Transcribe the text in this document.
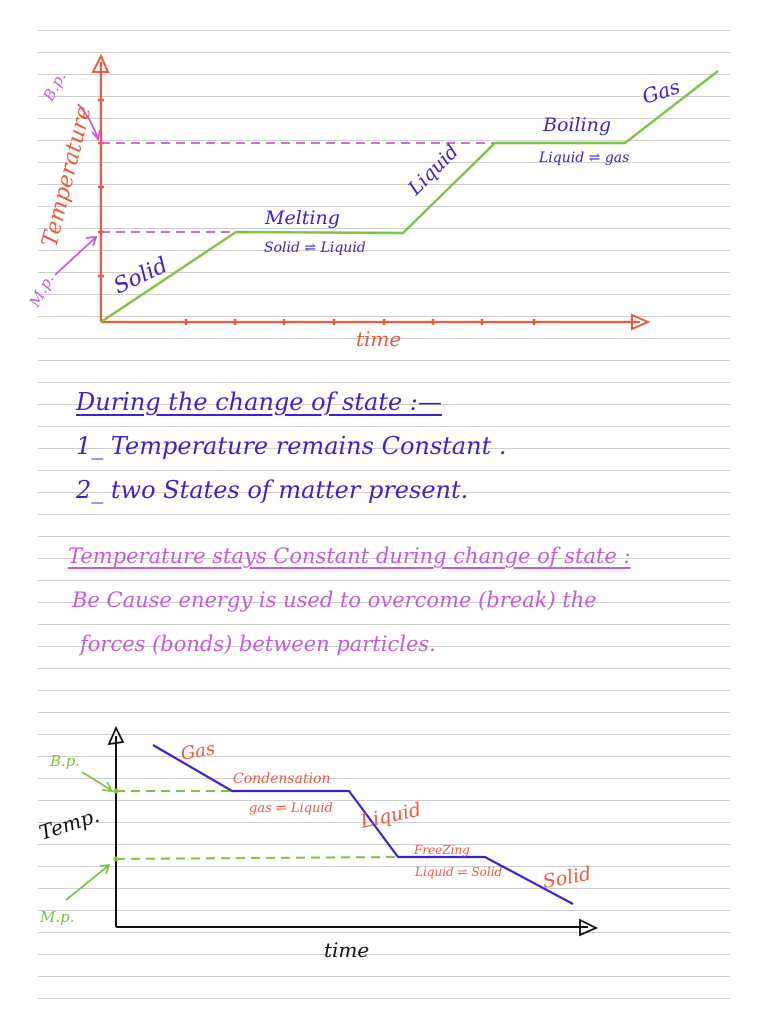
B.p.
Temperature
M.p.
time
Solid
Melting
Solid ⇌ Liquid
Liquid
Boiling
Liquid ⇌ gas
Gas
During the change of state :—
1_ Temperature remains Constant .
2_ two States of matter present.
Temperature stays Constant during change of state :
Be Cause energy is used to overcome (break) the
forces (bonds) between particles.
B.p.
Temp.
M.p.
time
Gas
Condensation
gas ⇌ Liquid Liquid
FreeZing
Liquid ⇌ Solid Solid
